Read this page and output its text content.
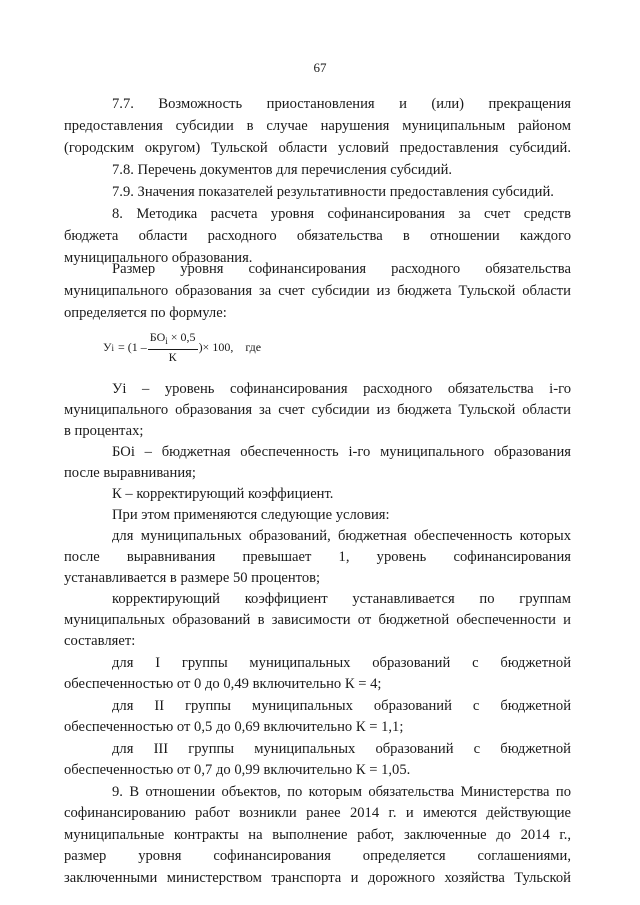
67
7.7. Возможность приостановления и (или) прекращения
предоставления субсидии в случае нарушения муниципальным районом
(городским округом) Тульской области условий предоставления субсидий.
7.8. Перечень документов для перечисления субсидий.
7.9. Значения показателей результативности предоставления субсидий.
8. Методика расчета уровня софинансирования за счет средств
бюджета области расходного обязательства в отношении каждого
муниципального образования.
Размер уровня софинансирования расходного обязательства
муниципального образования за счет субсидии из бюджета Тульской области
определяется по формуле:
У $i = (1 - \frac{БО_i \times 0,5}{К}$ )× 100, где
Уi – уровень софинансирования расходного обязательства i-го
муниципального образования за счет субсидии из бюджета Тульской области
в процентах;
БОi – бюджетная обеспеченность i-го муниципального образования
после выравнивания;
К – корректирующий коэффициент.
При этом применяются следующие условия:
для муниципальных образований, бюджетная обеспеченность которых
после выравнивания превышает 1, уровень софинансирования
устанавливается в размере 50 процентов;
корректирующий коэффициент устанавливается по группам
муниципальных образований в зависимости от бюджетной обеспеченности и
составляет:
для I группы муниципальных образований с бюджетной
обеспеченностью от 0 до 0,49 включительно К = 4;
для II группы муниципальных образований с бюджетной
обеспеченностью от 0,5 до 0,69 включительно К = 1,1;
для III группы муниципальных образований с бюджетной
обеспеченностью от 0,7 до 0,99 включительно К = 1,05.
9. В отношении объектов, по которым обязательства Министерства по
софинансированию работ возникли ранее 2014 г. и имеются действующие
муниципальные контракты на выполнение работ, заключенные до 2014 г.,
размер уровня софинансирования определяется соглашениями,
заключенными министерством транспорта и дорожного хозяйства Тульской
